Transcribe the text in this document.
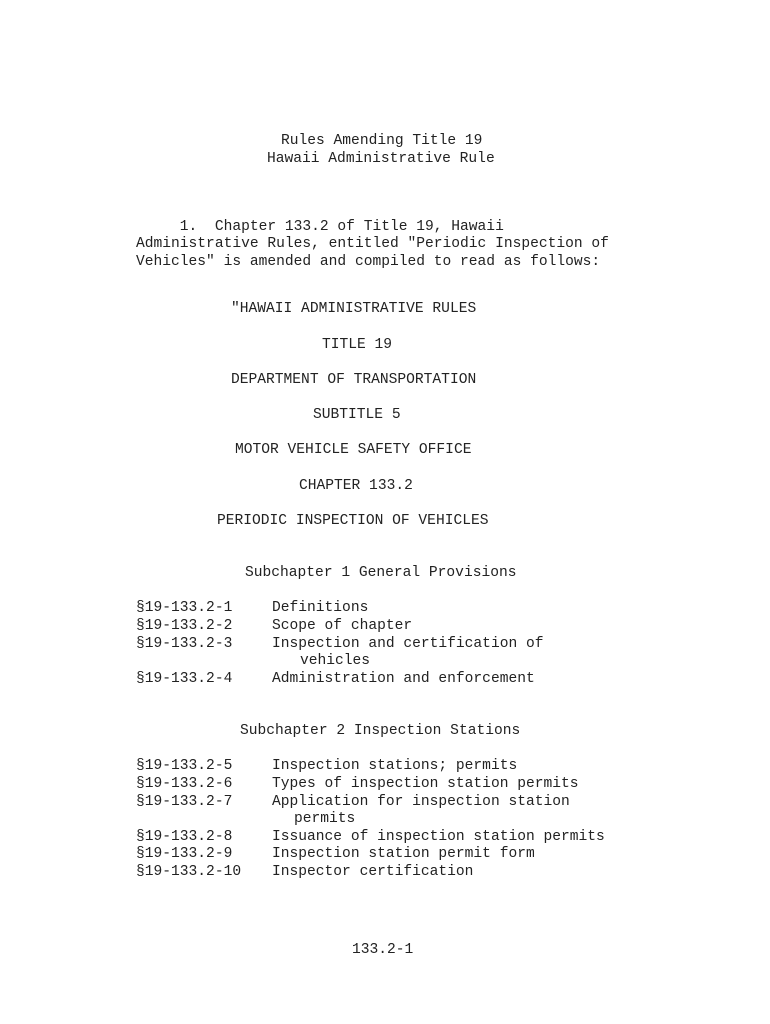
Rules Amending Title 19
Hawaii Administrative Rule
1.  Chapter 133.2 of Title 19, Hawaii
Administrative Rules, entitled "Periodic Inspection of
Vehicles" is amended and compiled to read as follows:
"HAWAII ADMINISTRATIVE RULES
TITLE 19
DEPARTMENT OF TRANSPORTATION
SUBTITLE 5
MOTOR VEHICLE SAFETY OFFICE
CHAPTER 133.2
PERIODIC INSPECTION OF VEHICLES
Subchapter 1 General Provisions
§19-133.2-1	Definitions
§19-133.2-2	Scope of chapter
§19-133.2-3	Inspection and certification of
vehicles
§19-133.2-4	Administration and enforcement
Subchapter 2 Inspection Stations
§19-133.2-5	Inspection stations; permits
§19-133.2-6	Types of inspection station permits
§19-133.2-7	Application for inspection station
permits
§19-133.2-8	Issuance of inspection station permits
§19-133.2-9	Inspection station permit form
§19-133.2-10 Inspector certification
133.2-1
